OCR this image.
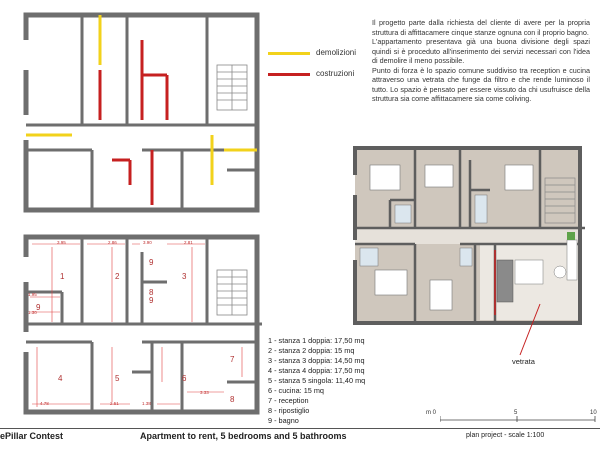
demolizioni
costruzioni

Il progetto parte dalla richiesta del cliente di avere per la propria struttura di affittacamere cinque stanze ognuna con il proprio bagno.

L'appartamento presentava già una buona divisione degli spazi quindi si è proceduto all'inserimento dei servizi necessari con l'idea di demolire il meno possibile.

Punto di forza è lo spazio comune suddiviso tra reception e cucina attraverso una vetrata che funge da filtro e che rende luminoso il tutto. Lo spazio è pensato per essere vissuto da chi usufruisce della struttura sia come affittacamere sia come coliving.

1	2	3
9
9
8
9
4	5	6
7
8
3.95	2.86	3.90	2.81
4.78	2.51	1.38
3.33
1.95
1.30
1 - stanza 1 doppia: 17,50 mq
2 - stanza 2 doppia: 15 mq
3 - stanza 3 doppia: 14,50 mq
4 - stanza 4 doppia: 17,50 mq
5 - stanza 5 singola: 11,40 mq
6 - cucina: 15 mq
7 - reception
8 - ripostiglio
9 - bagno
vetrata
m 0	5	10
ePillar Contest	Apartment to rent, 5 bedrooms and 5 bathrooms	plan project - scale 1:100
